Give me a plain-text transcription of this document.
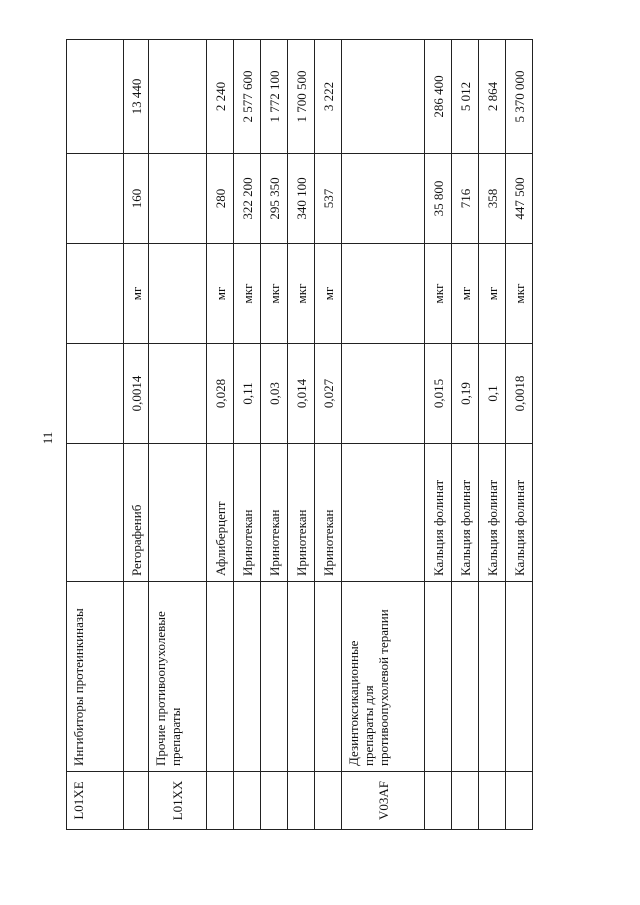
11
L01XE	Ингибиторы протеинкиназы					
		Регорафениб	0,0014	мг	160	13 440
L01XX	Прочие противоопухолевые препараты					
		Афлиберцепт	0,028	мг	280	2 240
		Иринотекан	0,11	мкг	322 200	2 577 600
		Иринотекан	0,03	мкг	295 350	1 772 100
		Иринотекан	0,014	мкг	340 100	1 700 500
		Иринотекан	0,027	мг	537	3 222
V03AF	Дезинтоксикационные препараты для противоопухолевой терапии					
		Кальция фолинат	0,015	мкг	35 800	286 400
		Кальция фолинат	0,19	мг	716	5 012
		Кальция фолинат	0,1	мг	358	2 864
		Кальция фолинат	0,0018	мкг	447 500	5 370 000
